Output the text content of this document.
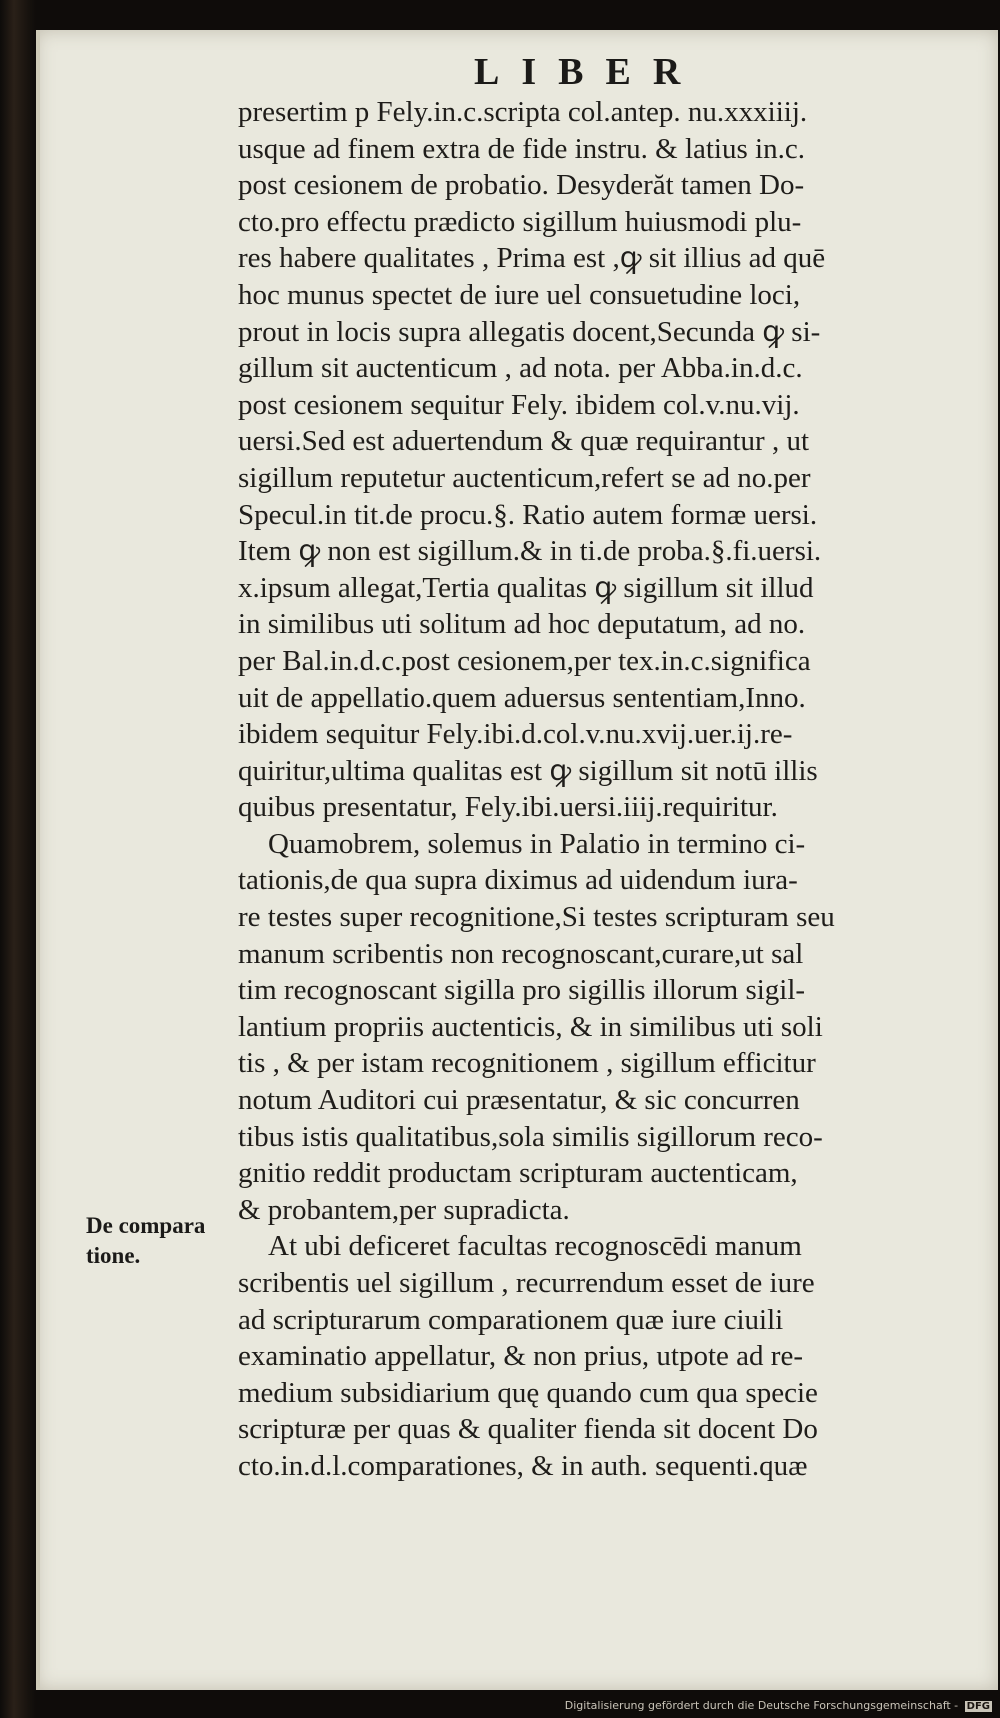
LIBER
presertim p Fely.in.c.scripta col.antep. nu.xxxiiij.
usque ad finem extra de fide instru. & latius in.c.
post cesionem de probatio. Desyderăt tamen Do-
cto.pro effectu prædicto sigillum huiusmodi plu-
res habere qualitates , Prima est ,ꝙ sit illius ad quē
hoc munus spectet de iure uel consuetudine loci,
prout in locis supra allegatis docent,Secunda ꝙ si-
gillum sit auctenticum , ad nota. per Abba.in.d.c.
post cesionem sequitur Fely. ibidem col.v.nu.vij.
uersi.Sed est aduertendum & quæ requirantur , ut
sigillum reputetur auctenticum,refert se ad no.per
Specul.in tit.de procu.§. Ratio autem formæ uersi.
Item ꝙ non est sigillum.& in ti.de proba.§.fi.uersi.
x.ipsum allegat,Tertia qualitas ꝙ sigillum sit illud
in similibus uti solitum ad hoc deputatum, ad no.
per Bal.in.d.c.post cesionem,per tex.in.c.significa
uit de appellatio.quem aduersus sententiam,Inno.
ibidem sequitur Fely.ibi.d.col.v.nu.xvij.uer.ij.re-
quiritur,ultima qualitas est ꝙ sigillum sit notū illis
quibus presentatur, Fely.ibi.uersi.iiij.requiritur.
Quamobrem, solemus in Palatio in termino ci-
tationis,de qua supra diximus ad uidendum iura-
re testes super recognitione,Si testes scripturam seu
manum scribentis non recognoscant,curare,ut sal
tim recognoscant sigilla pro sigillis illorum sigil-
lantium propriis auctenticis, & in similibus uti soli
tis , & per istam recognitionem , sigillum efficitur
notum Auditori cui præsentatur, & sic concurren
tibus istis qualitatibus,sola similis sigillorum reco-
gnitio reddit productam scripturam auctenticam,
& probantem,per supradicta.
At ubi deficeret facultas recognoscēdi manum
scribentis uel sigillum , recurrendum esset de iure
ad scripturarum comparationem quæ iure ciuili
examinatio appellatur, & non prius, utpote ad re-
medium subsidiarium quę quando cum qua specie
scripturæ per quas & qualiter fienda sit docent Do
cto.in.d.l.comparationes, & in auth. sequenti.quæ
De compara
tione.
Digitalisierung gefördert durch die Deutsche Forschungsgemeinschaft - DFG
